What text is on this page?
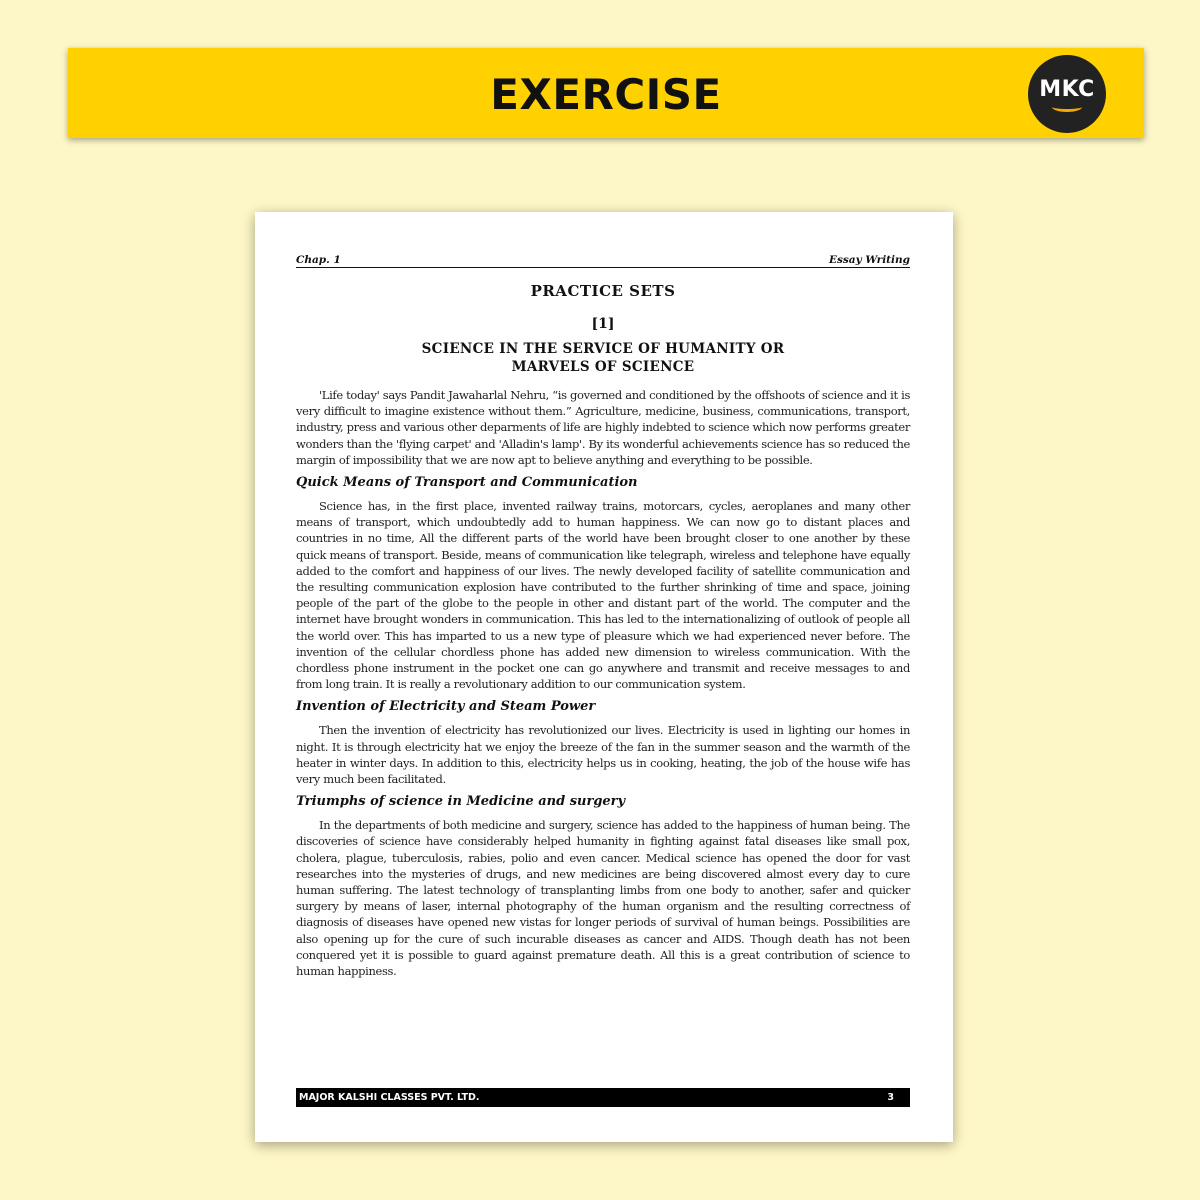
EXERCISE	MKC
Chap. 1	Essay Writing
PRACTICE SETS
[1]
SCIENCE IN THE SERVICE OF HUMANITY OR
MARVELS OF SCIENCE

'Life today' says Pandit Jawaharlal Nehru, “is governed and conditioned by the offshoots of science and it is very difficult to imagine existence without them.” Agriculture, medicine, business, communications, transport, industry, press and various other deparments of life are highly indebted to science which now performs greater wonders than the 'flying carpet' and 'Alladin's lamp'. By its wonderful achievements science has so reduced the margin of impossibility that we are now apt to believe anything and everything to be possible.

Quick Means of Transport and Communication

Science has, in the first place, invented railway trains, motorcars, cycles, aeroplanes and many other means of transport, which undoubtedly add to human happiness. We can now go to distant places and countries in no time, All the different parts of the world have been brought closer to one another by these quick means of transport. Beside, means of communication like telegraph, wireless and telephone have equally added to the comfort and happiness of our lives. The newly developed facility of satellite communication and the resulting communication explosion have contributed to the further shrinking of time and space, joining people of the part of the globe to the people in other and distant part of the world. The computer and the internet have brought wonders in communication. This has led to the internationalizing of outlook of people all the world over. This has imparted to us a new type of pleasure which we had experienced never before. The invention of the cellular chordless phone has added new dimension to wireless communication. With the chordless phone instrument in the pocket one can go anywhere and transmit and receive messages to and from long train. It is really a revolutionary addition to our communication system.

Invention of Electricity and Steam Power

Then the invention of electricity has revolutionized our lives. Electricity is used in lighting our homes in night. It is through electricity hat we enjoy the breeze of the fan in the summer season and the warmth of the heater in winter days. In addition to this, electricity helps us in cooking, heating, the job of the house wife has very much been facilitated.

Triumphs of science in Medicine and surgery

In the departments of both medicine and surgery, science has added to the happiness of human being. The discoveries of science have considerably helped humanity in fighting against fatal diseases like small pox, cholera, plague, tuberculosis, rabies, polio and even cancer. Medical science has opened the door for vast researches into the mysteries of drugs, and new medicines are being discovered almost every day to cure human suffering. The latest technology of transplanting limbs from one body to another, safer and quicker surgery by means of laser, internal photography of the human organism and the resulting correctness of diagnosis of diseases have opened new vistas for longer periods of survival of human beings. Possibilities are also opening up for the cure of such incurable diseases as cancer and AIDS. Though death has not been conquered yet it is possible to guard against premature death. All this is a great contribution of science to human happiness.

MAJOR KALSHI CLASSES PVT. LTD.	3
